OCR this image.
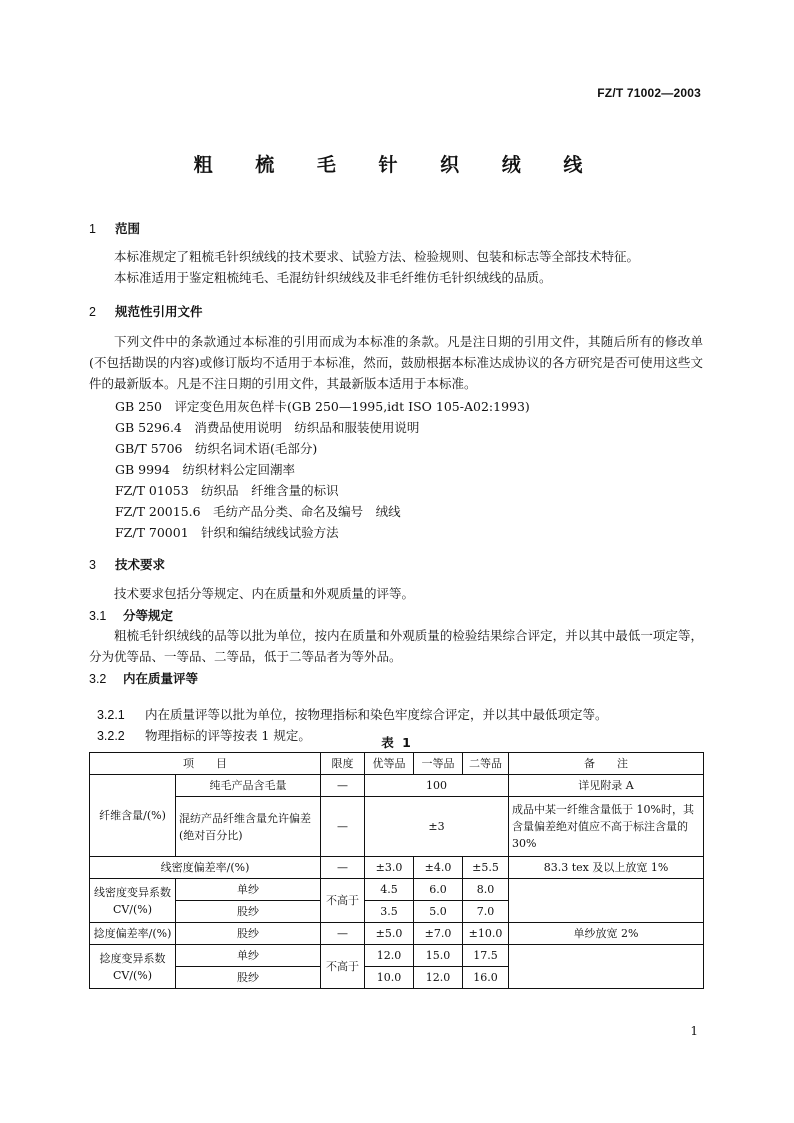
FZ/T 71002—2003
粗 梳 毛 针 织 绒 线
1 范围
本标准规定了粗梳毛针织绒线的技术要求、试验方法、检验规则、包装和标志等全部技术特征。
本标准适用于鉴定粗梳纯毛、毛混纺针织绒线及非毛纤维仿毛针织绒线的品质。
2 规范性引用文件
下列文件中的条款通过本标准的引用而成为本标准的条款。凡是注日期的引用文件，其随后所有的修改单(不包括勘误的内容)或修订版均不适用于本标准，然而，鼓励根据本标准达成协议的各方研究是否可使用这些文件的最新版本。凡是不注日期的引用文件，其最新版本适用于本标准。
GB 250　评定变色用灰色样卡(GB 250—1995,idt ISO 105-A02:1993)
GB 5296.4　消费品使用说明　纺织品和服装使用说明
GB/T 5706　纺织名词术语(毛部分)
GB 9994　纺织材料公定回潮率
FZ/T 01053　纺织品　纤维含量的标识
FZ/T 20015.6　毛纺产品分类、命名及编号　绒线
FZ/T 70001　针织和编结绒线试验方法
3 技术要求
技术要求包括分等规定、内在质量和外观质量的评等。
3.1 分等规定
粗梳毛针织绒线的品等以批为单位，按内在质量和外观质量的检验结果综合评定，并以其中最低一项定等，分为优等品、一等品、二等品，低于二等品者为等外品。
3.2 内在质量评等

3.2.1 内在质量评等以批为单位，按物理指标和染色牢度综合评定，并以其中最低项定等。

3.2.2 物理指标的评等按表 1 规定。	表 1
项　　目		限度	优等品	一等品	二等品	备　　注
纤维含量/(%)	纯毛产品含毛量	—	100			详见附录 A
	混纺产品纤维含量允许偏差(绝对百分比)	—	±3			成品中某一纤维含量低于 10%时，其含量偏差绝对值应不高于标注含量的 30%
线密度偏差率/(%)		—	±3.0	±4.0	±5.5	83.3 tex 及以上放宽 1%
线密度变异系数 CV/(%)	单纱	不高于	4.5	6.0	8.0	
	股纱		3.5	5.0	7.0	
捻度偏差率/(%)	股纱	—	±5.0	±7.0	±10.0	单纱放宽 2%
捻度变异系数 CV/(%)	单纱	不高于	12.0	15.0	17.5	
	股纱		10.0	12.0	16.0	
1
